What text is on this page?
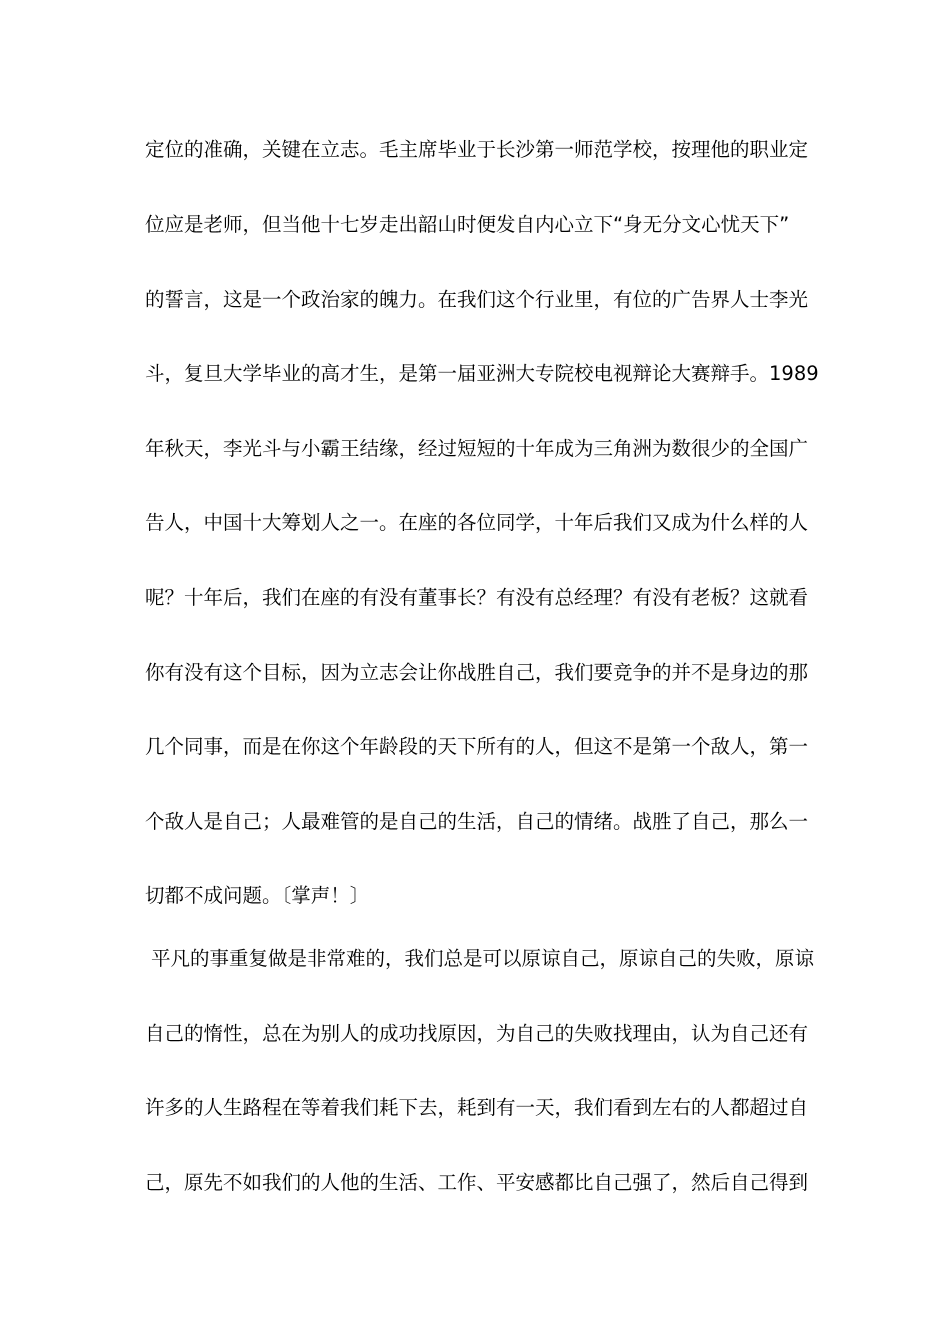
定位的准确，关键在立志。毛主席毕业于长沙第一师范学校，按理他的职业定
位应是老师，但当他十七岁走出韶山时便发自内心立下“身无分文心忧天下”
的誓言，这是一个政治家的魄力。在我们这个行业里，有位的广告界人士李光
斗，复旦大学毕业的高才生，是第一届亚洲大专院校电视辩论大赛辩手。1989
年秋天，李光斗与小霸王结缘，经过短短的十年成为三角洲为数很少的全国广
告人，中国十大筹划人之一。在座的各位同学，十年后我们又成为什么样的人
呢？十年后，我们在座的有没有董事长？有没有总经理？有没有老板？这就看
你有没有这个目标，因为立志会让你战胜自己，我们要竞争的并不是身边的那
几个同事，而是在你这个年龄段的天下所有的人，但这不是第一个敌人，第一
个敌人是自己；人最难管的是自己的生活，自己的情绪。战胜了自己，那么一
切都不成问题。〔掌声！〕
平凡的事重复做是非常难的，我们总是可以原谅自己，原谅自己的失败，原谅
自己的惰性，总在为别人的成功找原因，为自己的失败找理由，认为自己还有
许多的人生路程在等着我们耗下去，耗到有一天，我们看到左右的人都超过自
己，原先不如我们的人他的生活、工作、平安感都比自己强了，然后自己得到
